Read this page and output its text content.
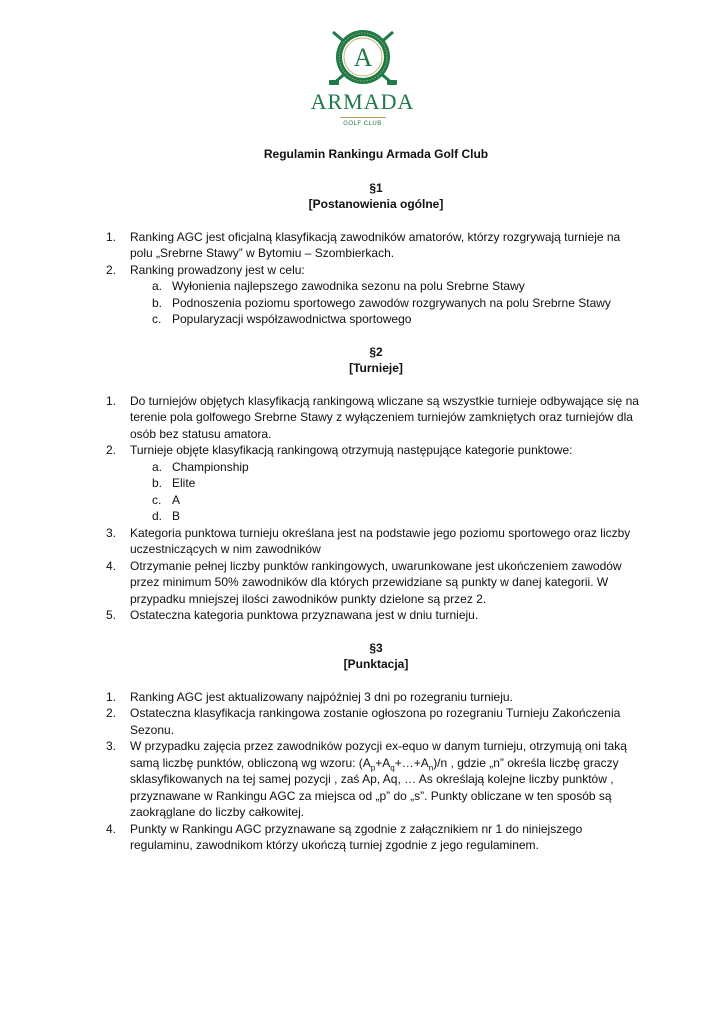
A
ARMADA
GOLF CLUB

Regulamin Rankingu Armada Golf Club

§1

[Postanowienia ogólne]

1. Ranking AGC jest oficjalną klasyfikacją zawodników amatorów, którzy rozgrywają turnieje na polu „Srebrne Stawy” w Bytomiu – Szombierkach.
2. Ranking prowadzony jest w celu:
a. Wyłonienia najlepszego zawodnika sezonu na polu Srebrne Stawy
b. Podnoszenia poziomu sportowego zawodów rozgrywanych na polu Srebrne Stawy
c. Popularyzacji współzawodnictwa sportowego

§2

[Turnieje]

1. Do turniejów objętych klasyfikacją rankingową wliczane są wszystkie turnieje odbywające się na terenie pola golfowego Srebrne Stawy z wyłączeniem turniejów zamkniętych oraz turniejów dla osób bez statusu amatora.
2. Turnieje objęte klasyfikacją rankingową otrzymują następujące kategorie punktowe:
a. Championship
b. Elite
c. A
d. B
3. Kategoria punktowa turnieju określana jest na podstawie jego poziomu sportowego oraz liczby uczestniczących w nim zawodników
4. Otrzymanie pełnej liczby punktów rankingowych, uwarunkowane jest ukończeniem zawodów przez minimum 50% zawodników dla których przewidziane są punkty w danej kategorii. W przypadku mniejszej ilości zawodników punkty dzielone są przez 2.
5. Ostateczna kategoria punktowa przyznawana jest w dniu turnieju.

§3

[Punktacja]

1. Ranking AGC jest aktualizowany najpóźniej 3 dni po rozegraniu turnieju.
2. Ostateczna klasyfikacja rankingowa zostanie ogłoszona po rozegraniu Turnieju Zakończenia Sezonu.
3. W przypadku zajęcia przez zawodników pozycji ex-equo w danym turnieju, otrzymują oni taką samą liczbę punktów, obliczoną wg wzoru: $(A_p+A_q+\dots+A_n)/n$ , gdzie „n” określa liczbę graczy sklasyfikowanych na tej samej pozycji , zaś Ap, Aq, … As określają kolejne liczby punktów , przyznawane w Rankingu AGC za miejsca od „p” do „s”. Punkty obliczane w ten sposób są zaokrąglane do liczby całkowitej.
4. Punkty w Rankingu AGC przyznawane są zgodnie z załącznikiem nr 1 do niniejszego regulaminu, zawodnikom którzy ukończą turniej zgodnie z jego regulaminem.
